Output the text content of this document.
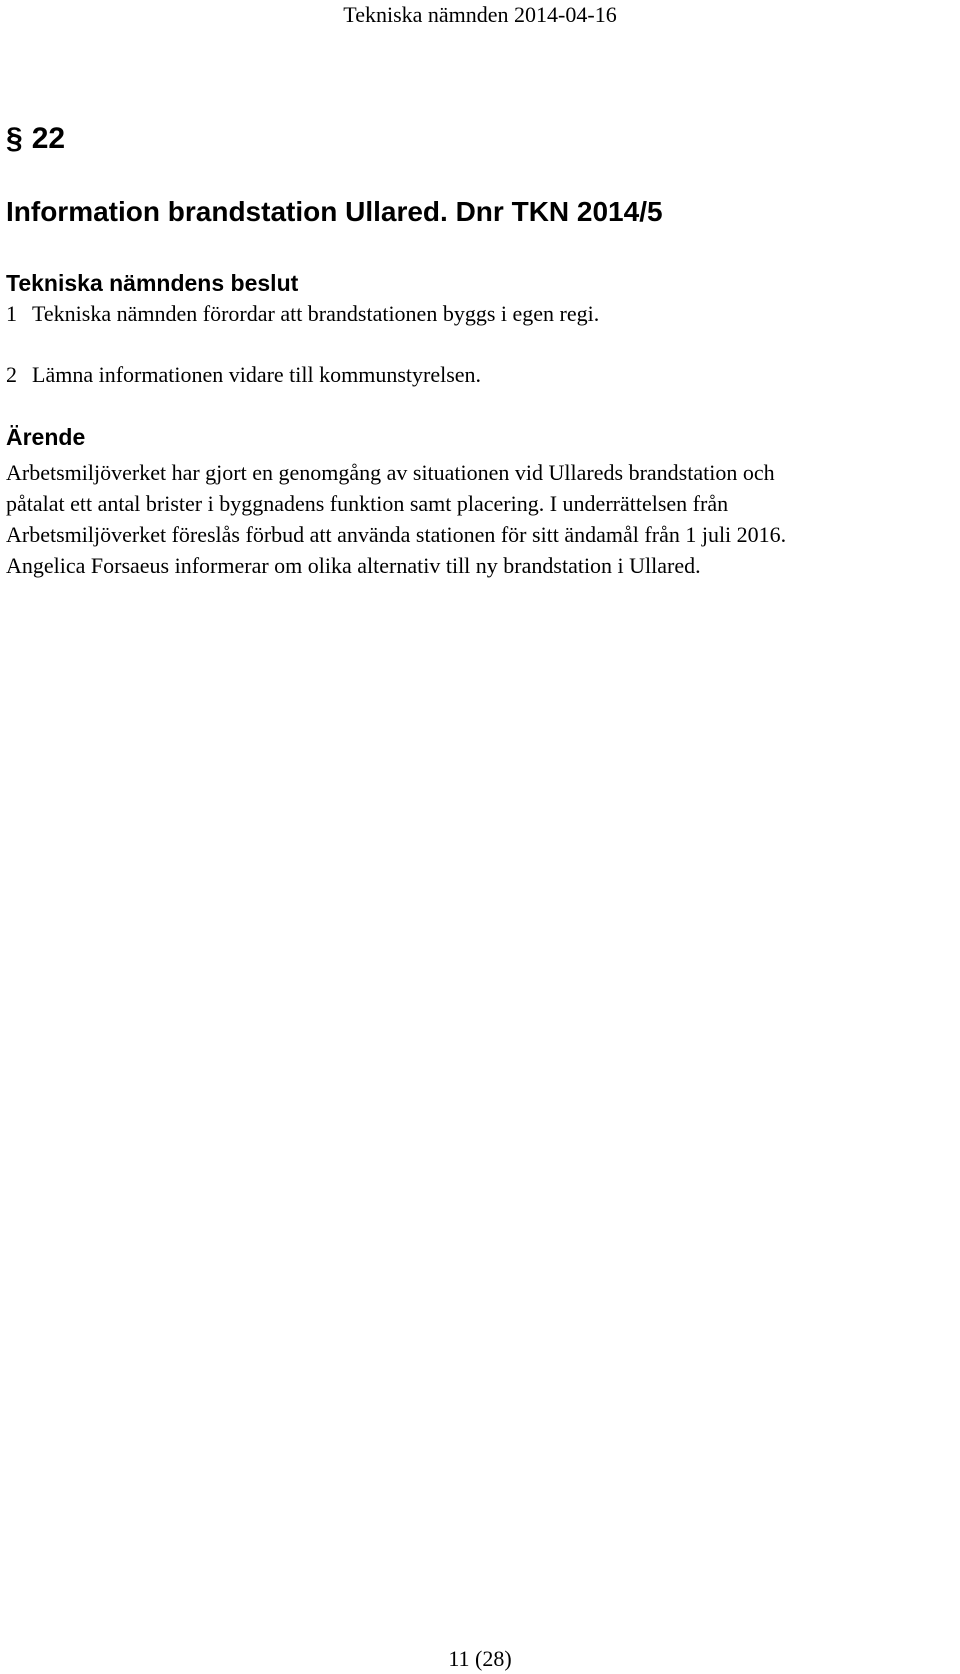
Tekniska nämnden 2014-04-16
§ 22
Information brandstation Ullared. Dnr TKN 2014/5
Tekniska nämndens beslut
1 Tekniska nämnden förordar att brandstationen byggs i egen regi.
2 Lämna informationen vidare till kommunstyrelsen.
Ärende

Arbetsmiljöverket har gjort en genomgång av situationen vid Ullareds brandstation och

påtalat ett antal brister i byggnadens funktion samt placering. I underrättelsen från

Arbetsmiljöverket föreslås förbud att använda stationen för sitt ändamål från 1 juli 2016.

Angelica Forsaeus informerar om olika alternativ till ny brandstation i Ullared.

11 (28)
